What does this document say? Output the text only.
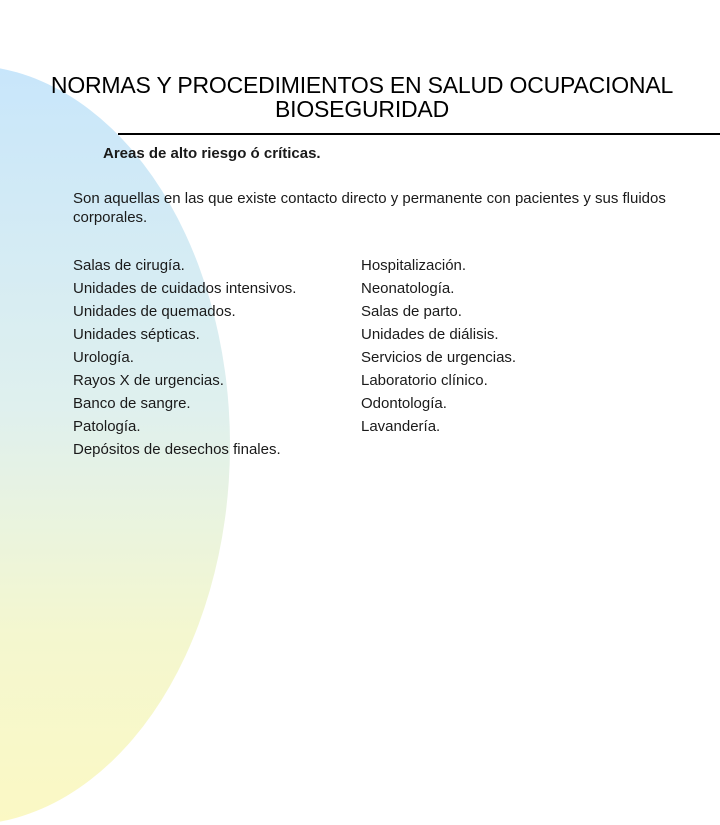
NORMAS Y PROCEDIMIENTOS EN SALUD OCUPACIONAL
BIOSEGURIDAD
Areas de alto riesgo ó críticas.
Son aquellas en las que existe contacto directo y permanente con pacientes y sus fluidos corporales.
Salas de cirugía.
Unidades de cuidados intensivos.
Unidades de quemados.
Unidades sépticas.
Urología.
Rayos X de urgencias.
Banco de sangre.
Patología.
Depósitos de desechos finales.
Hospitalización.
Neonatología.
Salas de parto.
Unidades de diálisis.
Servicios de urgencias.
Laboratorio clínico.
Odontología.
Lavandería.
